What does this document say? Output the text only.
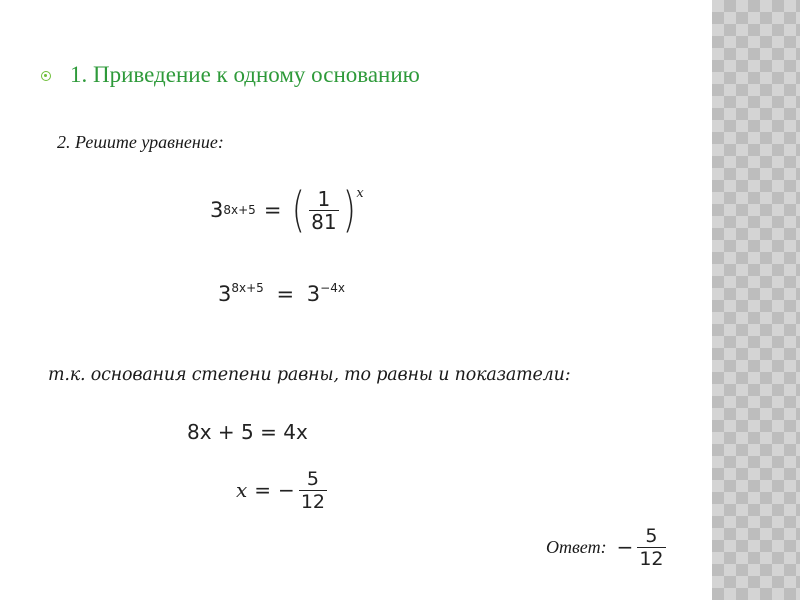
1. Приведение к одному основанию
2. Решите уравнение:
3 8x+5 = ( $\frac{1}{81}$ ) x
$3^{8x+5} = 3^{-4x}$
т.к. основания степени равны, то равны и показатели:
8x + 5 = 4x
x = − $\frac{5}{12}$
Ответ: − $\frac{5}{12}$
